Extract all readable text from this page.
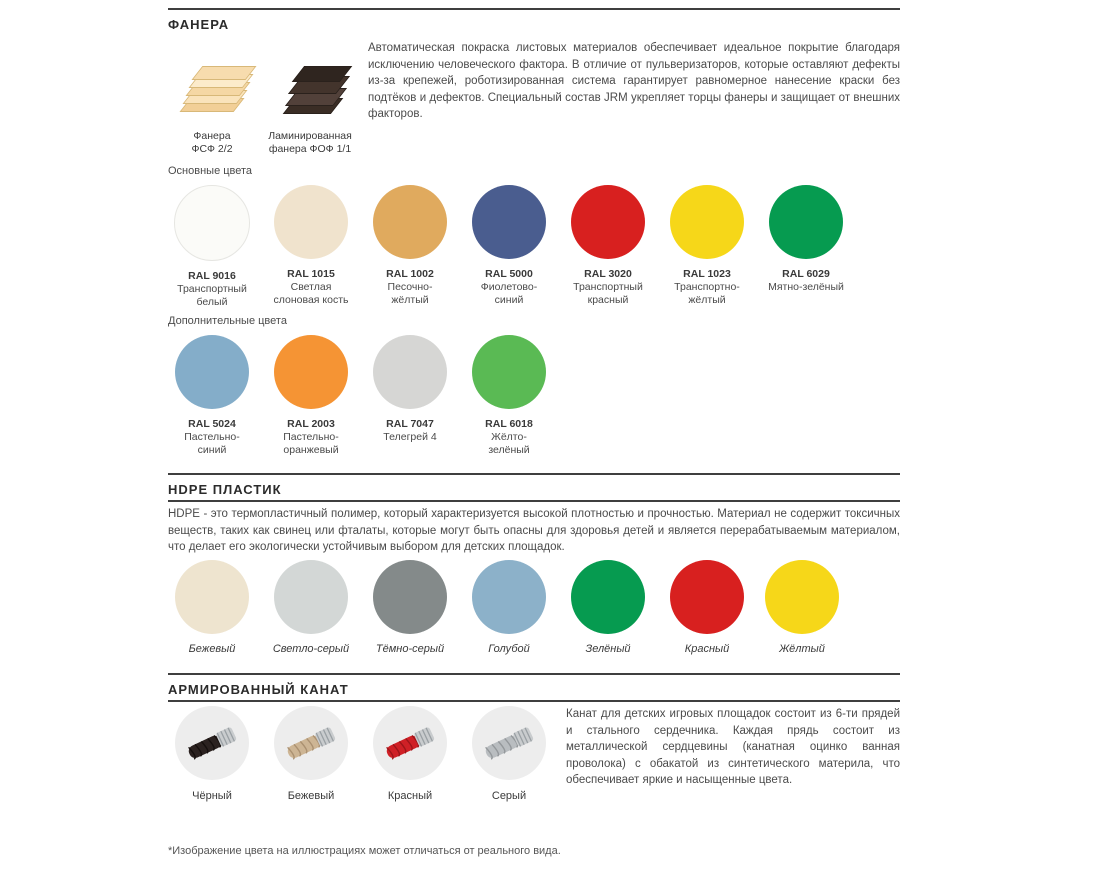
ФАНЕРА
Фанера
ФСФ 2/2
Ламинированная
фанера ФОФ 1/1
Автоматическая покраска листовых материалов обеспечивает идеальное покрытие благодаря исключению человеческого фактора. В отличие от пульверизаторов, которые оставляют дефекты из-за крепежей, роботизированная система гарантирует равномерное нанесение краски без подтёков и дефектов. Специальный состав JRM укрепляет торцы фанеры и защищает от внешних факторов.
Основные цвета
RAL 9016
Транспортный
белый
RAL 1015
Светлая
слоновая кость
RAL 1002
Песочно-
жёлтый
RAL 5000
Фиолетово-
синий
RAL 3020
Транспортный
красный
RAL 1023
Транспортно-
жёлтый
RAL 6029
Мятно-зелёный
Дополнительные цвета
RAL 5024
Пастельно-
синий
RAL 2003
Пастельно-
оранжевый
RAL 7047
Телегрей 4
RAL 6018
Жёлто-
зелёный
HDPE ПЛАСТИК
HDPE - это термопластичный полимер, который характеризуется высокой плотностью и прочностью. Материал не содержит токсичных веществ, таких как свинец или фталаты, которые могут быть опасны для здоровья детей и является перерабатываемым материалом, что делает его экологически устойчивым выбором для детских площадок.
Бежевый	Светло-серый	Тёмно-серый	Голубой	Зелёный	Красный	Жёлтый
АРМИРОВАННЫЙ КАНАТ
Канат для детских игровых площадок состоит из 6-ти прядей и стального сердечника. Каждая прядь состоит из металлической сердцевины (канатная оцинко ванная проволока) с обакатой из синтетического материла, что обеспечивает яркие и насыщенные цвета.
Чёрный	Бежевый	Красный	Серый
*Изображение цвета на иллюстрациях может отличаться от реального вида.
